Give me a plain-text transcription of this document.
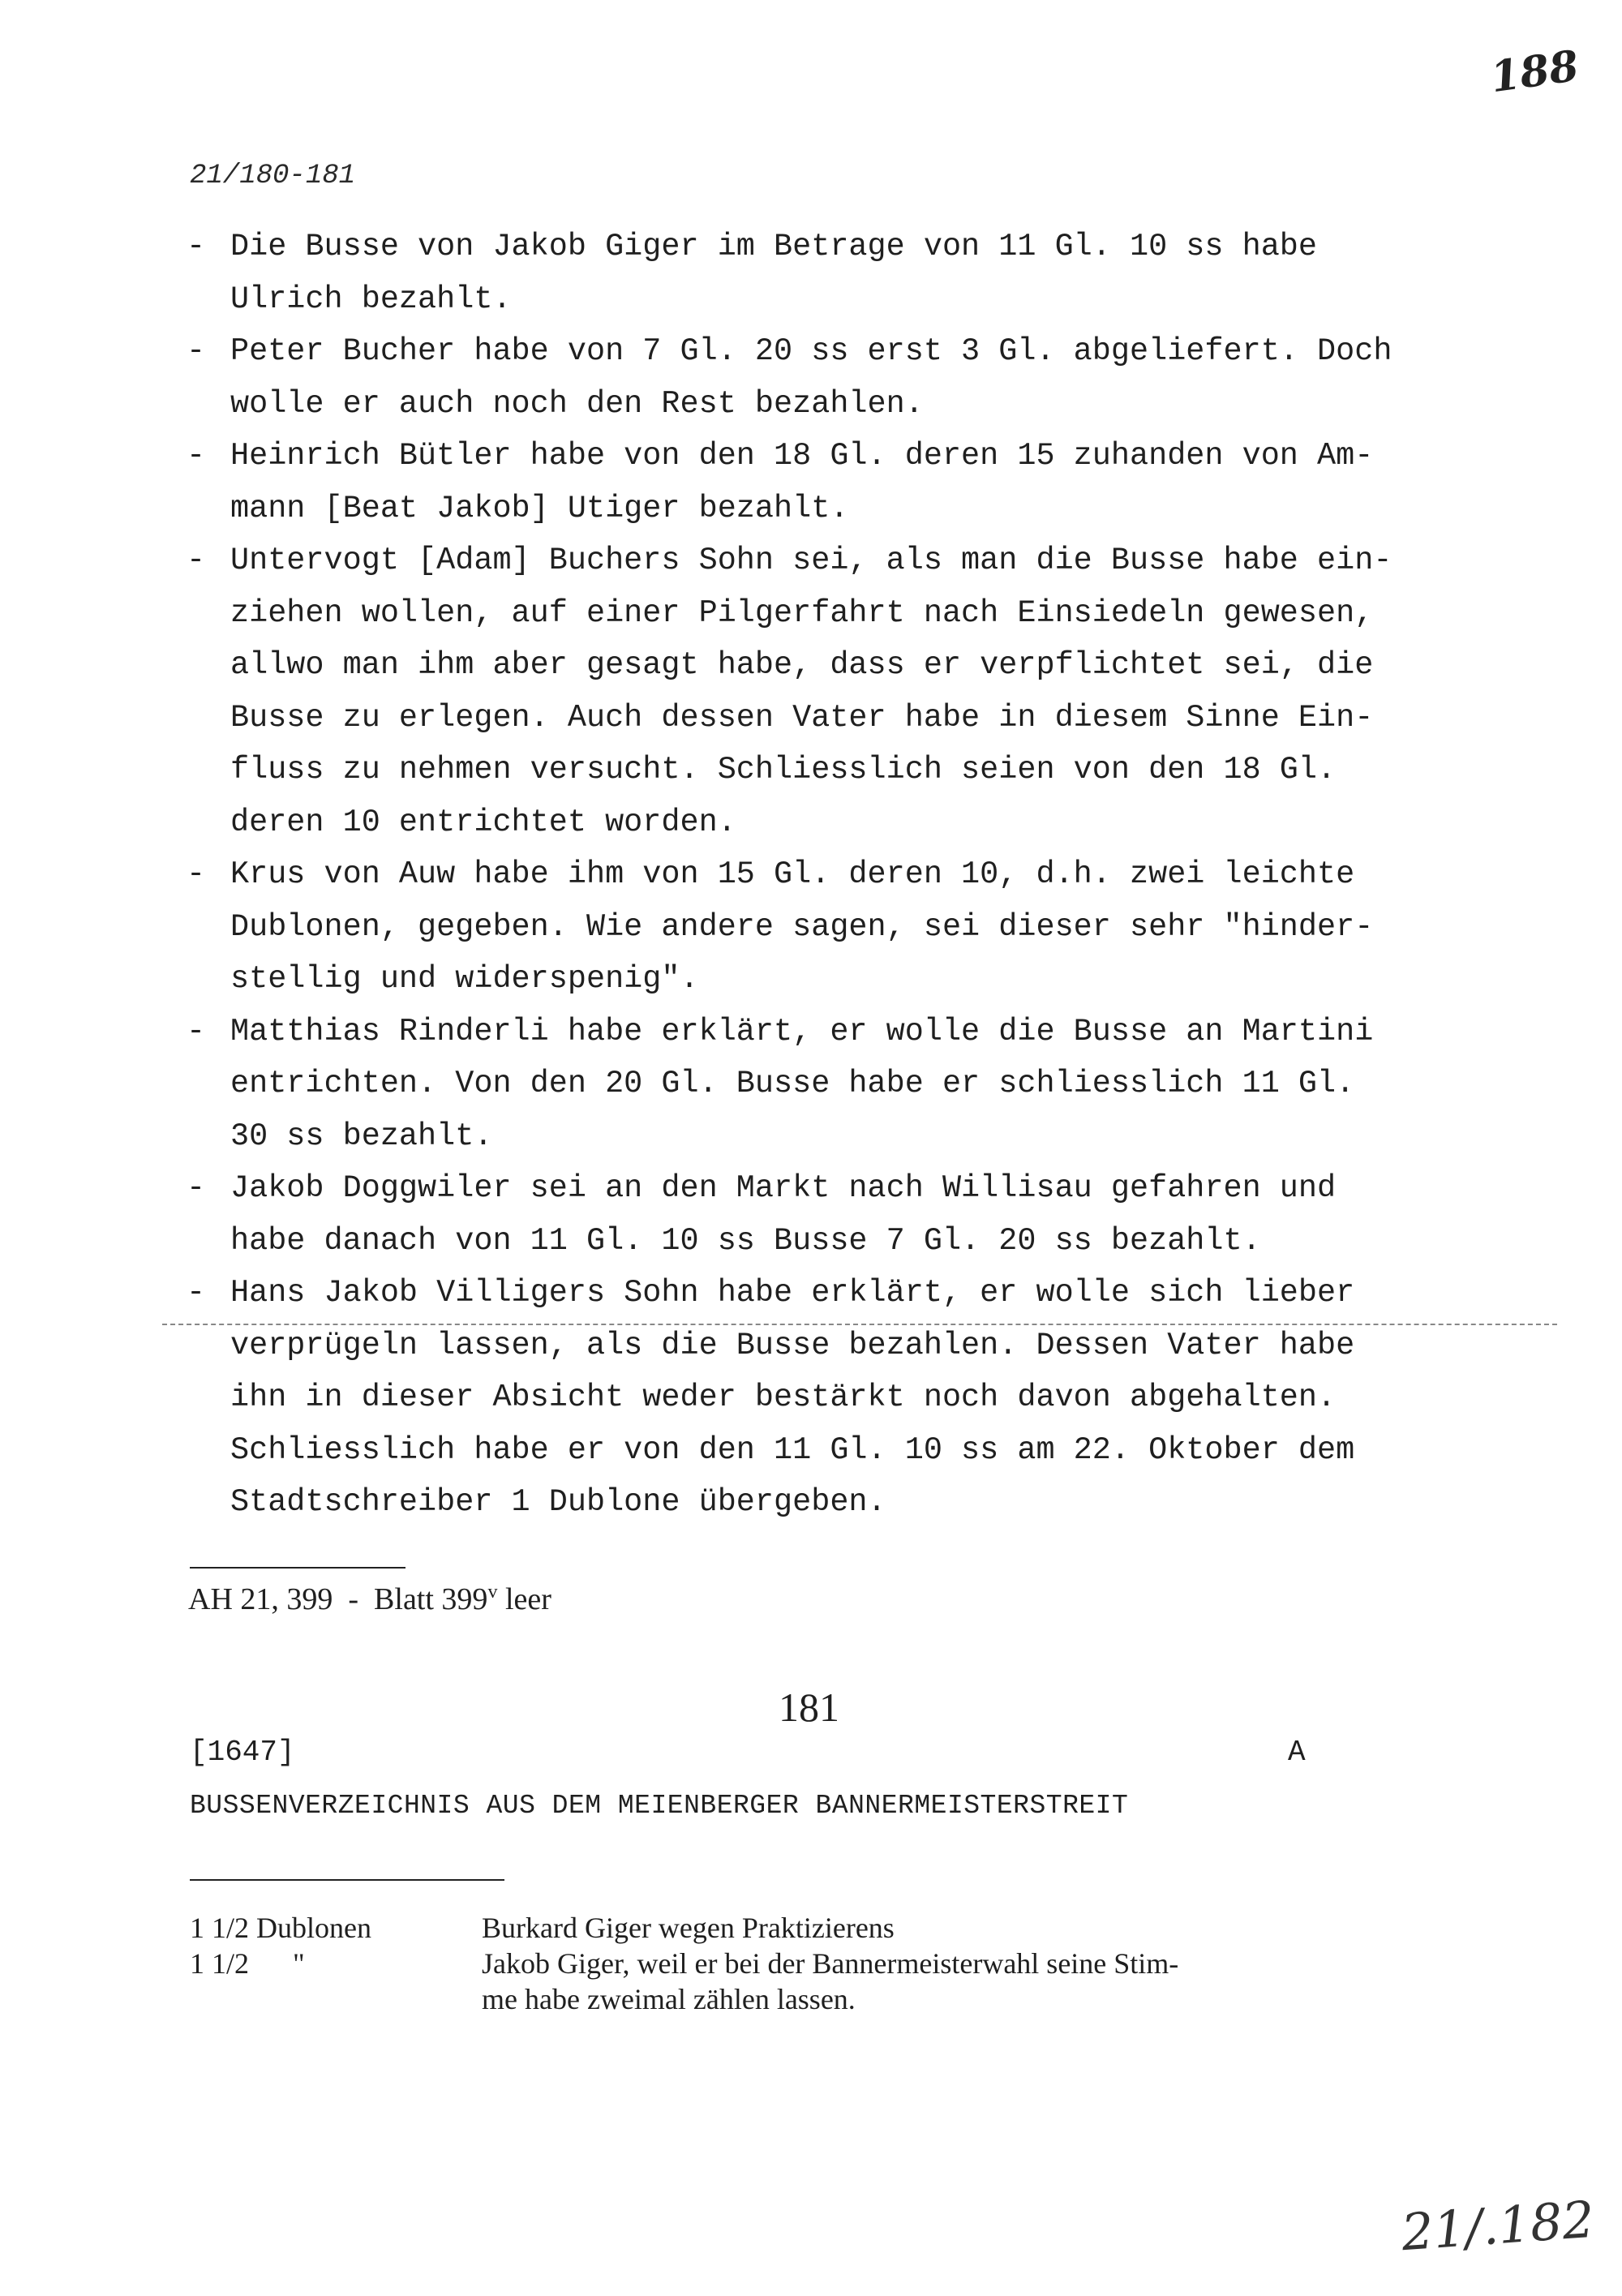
188
21/180-181
- Die Busse von Jakob Giger im Betrage von 11 Gl. 10 ss habe
Ulrich bezahlt.
- Peter Bucher habe von 7 Gl. 20 ss erst 3 Gl. abgeliefert. Doch
wolle er auch noch den Rest bezahlen.
- Heinrich Bütler habe von den 18 Gl. deren 15 zuhanden von Am-
mann [Beat Jakob] Utiger bezahlt.
- Untervogt [Adam] Buchers Sohn sei, als man die Busse habe ein-
ziehen wollen, auf einer Pilgerfahrt nach Einsiedeln gewesen,
allwo man ihm aber gesagt habe, dass er verpflichtet sei, die
Busse zu erlegen. Auch dessen Vater habe in diesem Sinne Ein-
fluss zu nehmen versucht. Schliesslich seien von den 18 Gl.
deren 10 entrichtet worden.
- Krus von Auw habe ihm von 15 Gl. deren 10, d.h. zwei leichte
Dublonen, gegeben. Wie andere sagen, sei dieser sehr "hinder-
stellig und widerspenig".
- Matthias Rinderli habe erklärt, er wolle die Busse an Martini
entrichten. Von den 20 Gl. Busse habe er schliesslich 11 Gl.
30 ss bezahlt.
- Jakob Doggwiler sei an den Markt nach Willisau gefahren und
habe danach von 11 Gl. 10 ss Busse 7 Gl. 20 ss bezahlt.
- Hans Jakob Villigers Sohn habe erklärt, er wolle sich lieber
verprügeln lassen, als die Busse bezahlen. Dessen Vater habe
ihn in dieser Absicht weder bestärkt noch davon abgehalten.
Schliesslich habe er von den 11 Gl. 10 ss am 22. Oktober dem
Stadtschreiber 1 Dublone übergeben.
AH 21, 399  -  Blatt 399$^v$ leer
181
[1647]	A
BUSSENVERZEICHNIS AUS DEM MEIENBERGER BANNERMEISTERSTREIT
1 1/2 Dublonen	Burkard Giger wegen Praktizierens
1 1/2      "	Jakob Giger, weil er bei der Bannermeisterwahl seine Stim-
me habe zweimal zählen lassen.
21/.182
